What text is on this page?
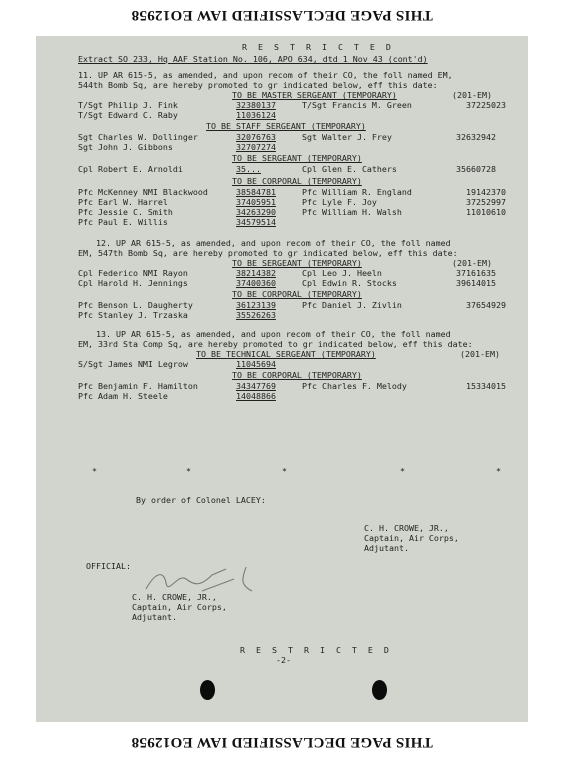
THIS PAGE DECLASSIFIED IAW EO12958
R E S T R I C T E D
Extract SO 233, Hq AAF Station No. 106, APO 634, dtd 1 Nov 43 (cont'd)
11. UP AR 615-5, as amended, and upon recom of their CO, the foll named EM,
544th Bomb Sq, are hereby promoted to gr indicated below, eff this date:
TO BE MASTER SERGEANT (TEMPORARY)	(201-EM)
T/Sgt Philip J. Fink	32380137	T/Sgt Francis M. Green	37225023
T/Sgt Edward C. Raby	11036124
TO BE STAFF SERGEANT (TEMPORARY)
Sgt Charles W. Dollinger	32076763	Sgt Walter J. Frey	32632942
Sgt John J. Gibbons	32707274
TO BE SERGEANT (TEMPORARY)
Cpl Robert E. Arnoldi	35...	Cpl Glen E. Cathers	35660728
TO BE CORPORAL (TEMPORARY)
Pfc McKenney NMI Blackwood	38584781	Pfc William R. England	19142370
Pfc Earl W. Harrel	37405951	Pfc Lyle F. Joy	37252997
Pfc Jessie C. Smith	34263290	Pfc William H. Walsh	11010610
Pfc Paul E. Willis	34579514
12. UP AR 615-5, as amended, and upon recom of their CO, the foll named
EM, 547th Bomb Sq, are hereby promoted to gr indicated below, eff this date:
TO BE SERGEANT (TEMPORARY)	(201-EM)
Cpl Federico NMI Rayon	38214382	Cpl Leo J. Heeln	37161635
Cpl Harold H. Jennings	37400360	Cpl Edwin R. Stocks	39614015
TO BE CORPORAL (TEMPORARY)
Pfc Benson L. Daugherty	36123139	Pfc Daniel J. Zivlin	37654929
Pfc Stanley J. Trzaska	35526263
13. UP AR 615-5, as amended, and upon recom of their CO, the foll named
EM, 33rd Sta Comp Sq, are hereby promoted to gr indicated below, eff this date:
TO BE TECHNICAL SERGEANT (TEMPORARY)	(201-EM)
S/Sgt James NMI Legrow	11045694
TO BE CORPORAL (TEMPORARY)
Pfc Benjamin F. Hamilton	34347769	Pfc Charles F. Melody	15334015
Pfc Adam H. Steele	14048866
*	*	*	*	*
By order of Colonel LACEY:
C. H. CROWE, JR.,
Captain, Air Corps,
Adjutant.
OFFICIAL:
C. H. CROWE, JR.,
Captain, Air Corps,
Adjutant.
R E S T R I C T E D
-2-
THIS PAGE DECLASSIFIED IAW EO12958
